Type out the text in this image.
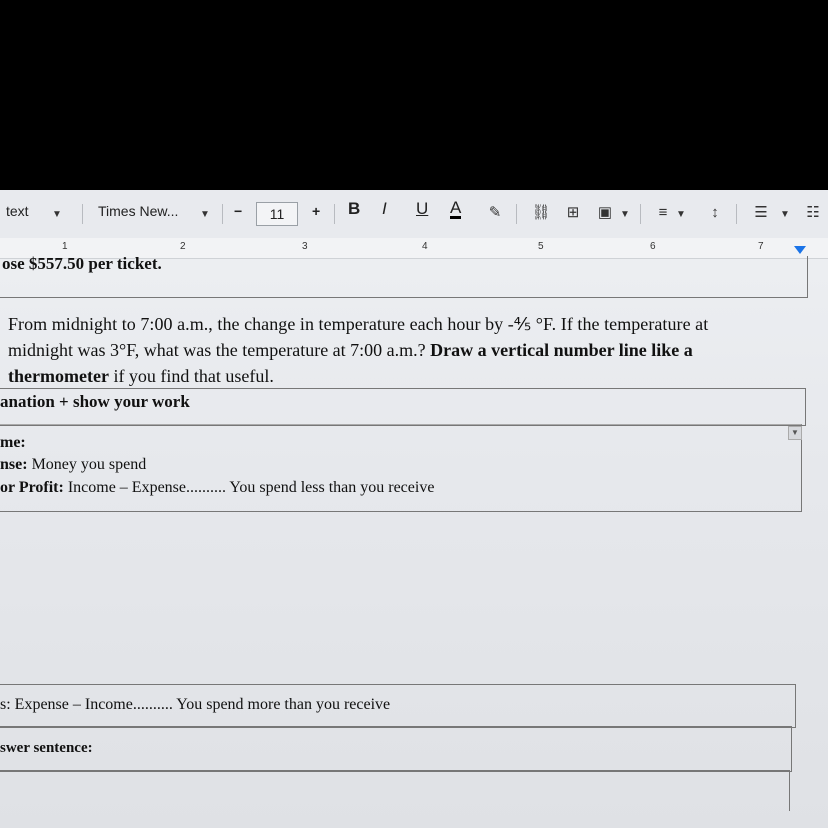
text ▼	Times New... ▼ −	11	+ B I U A	✎	⛓	⊞	▣ ▼	≡ ▼	↕	☰	▼ ☷
1	2	3	4	5	6	7
ose $557.50 per ticket.
From midnight to 7:00 a.m., the change in temperature each hour by -⅘ °F. If the temperature at
midnight was 3°F, what was the temperature at 7:00 a.m.? Draw a vertical number line like a
thermometer if you find that useful.
anation + show your work
▼
me:
nse: Money you spend
or Profit: Income – Expense.......... You spend less than you receive
s: Expense – Income.......... You spend more than you receive
swer sentence:
